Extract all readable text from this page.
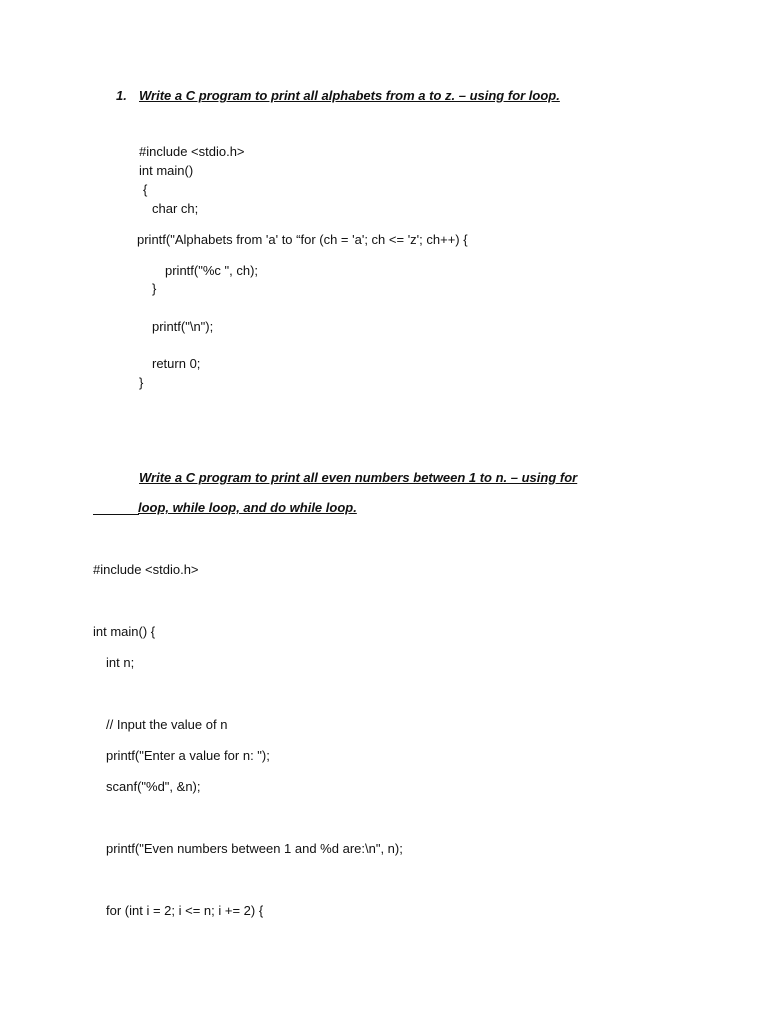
1. Write a C program to print all alphabets from a to z. – using for loop.
#include <stdio.h>
int main()
{
char ch;
printf("Alphabets from 'a' to “for (ch = 'a'; ch <= 'z'; ch++) {
printf("%c ", ch);
}
printf("\n");
return 0;
}
Write a C program to print all even numbers between 1 to n. – using for
loop, while loop, and do while loop.
#include <stdio.h>
int main() {
int n;
// Input the value of n
printf("Enter a value for n: ");
scanf("%d", &n);
printf("Even numbers between 1 and %d are:\n", n);
for (int i = 2; i <= n; i += 2) {
